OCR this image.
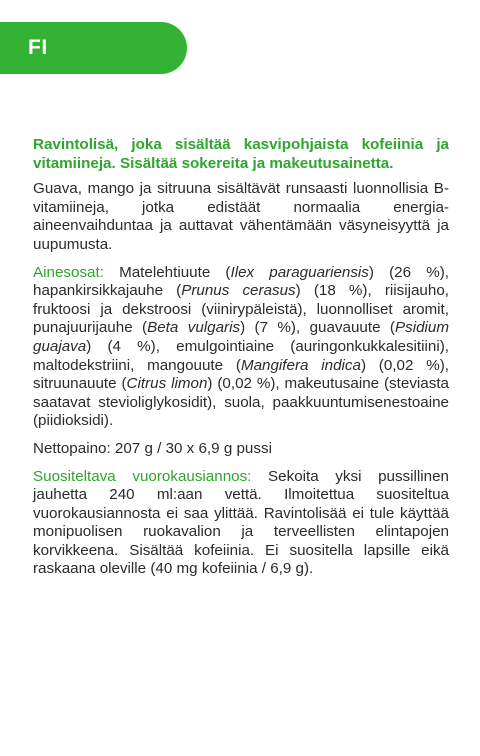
FI

Ravintolisä, joka sisältää kasvipohjaista kofeiinia ja vitamiineja. Sisältää sokereita ja makeutusainetta.

Guava, mango ja sitruuna sisältävät runsaasti luonnollisia B-vitamiineja, jotka edistäät normaalia energia-aineenvaihduntaa ja auttavat vähentämään väsyneisyyttä ja uupumusta.

Ainesosat: Matelehtiuute (Ilex paraguariensis) (26 %), hapankirsikkajauhe (Prunus cerasus) (18 %), riisijauho, fruktoosi ja dekstroosi (viinirypäleistä), luonnolliset aromit, punajuurijauhe (Beta vulgaris) (7 %), guavauute (Psidium guajava) (4 %), emulgointiaine (auringonkukkalesitiini), maltodekstriini, mangouute (Mangifera indica) (0,02 %), sitruunauute (Citrus limon) (0,02 %), makeutusaine (steviasta saatavat stevioliglykosidit), suola, paakkuuntumisenestoaine (piidioksidi).

Nettopaino: 207 g / 30 x 6,9 g pussi

Suositeltava vuorokausiannos: Sekoita yksi pussillinen jauhetta 240 ml:aan vettä. Ilmoitettua suositeltua vuorokausiannosta ei saa ylittää. Ravintolisää ei tule käyttää monipuolisen ruokavalion ja terveellisten elintapojen korvikkeena. Sisältää kofeiinia. Ei suositella lapsille eikä raskaana oleville (40 mg kofeiinia / 6,9 g).
